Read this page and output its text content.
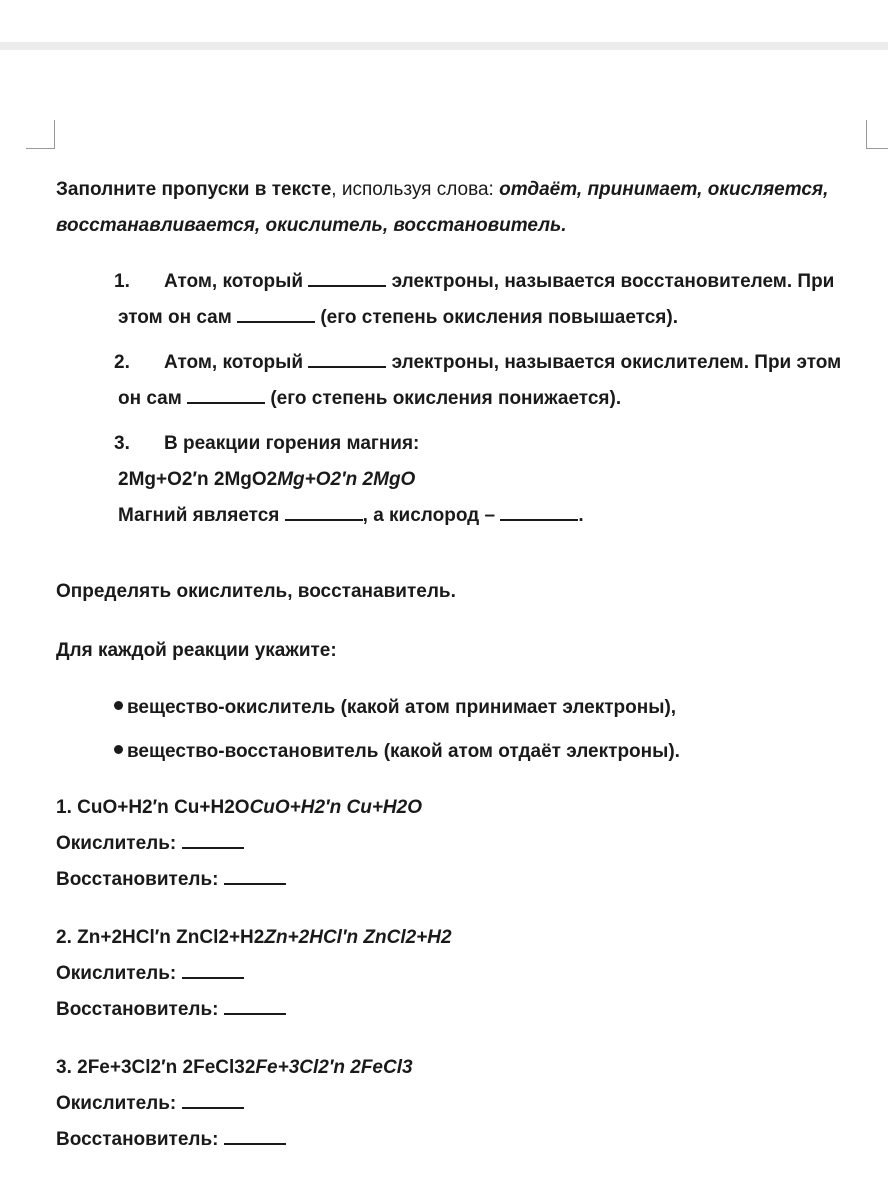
Заполните пропуски в тексте, используя слова: отдаёт, принимает, окисляется,
восстанавливается, окислитель, восстановитель.
1.	Атом, который	электроны, называется восстановителем. При
этом он сам	(его степень окисления повышается).
2.	Атом, который	электроны, называется окислителем. При этом
он сам	(его степень окисления понижается).
3.	В реакции горения магния:
2Mg+O2′n 2MgO2Mg+O2′n 2MgO
Магний является	, а кислород –	.
Определять окислитель, восстанавитель.
Для каждой реакции укажите:
вещество-окислитель (какой атом принимает электроны),
вещество-восстановитель (какой атом отдаёт электроны).
1. CuO+H2′n Cu+H2OCuO+H2′n Cu+H2O
Окислитель:
Восстановитель:
2. Zn+2HCl′n ZnCl2+H2Zn+2HCl′n ZnCl2+H2
Окислитель:
Восстановитель:
3. 2Fe+3Cl2′n 2FeCl32Fe+3Cl2′n 2FeCl3
Окислитель:
Восстановитель:
